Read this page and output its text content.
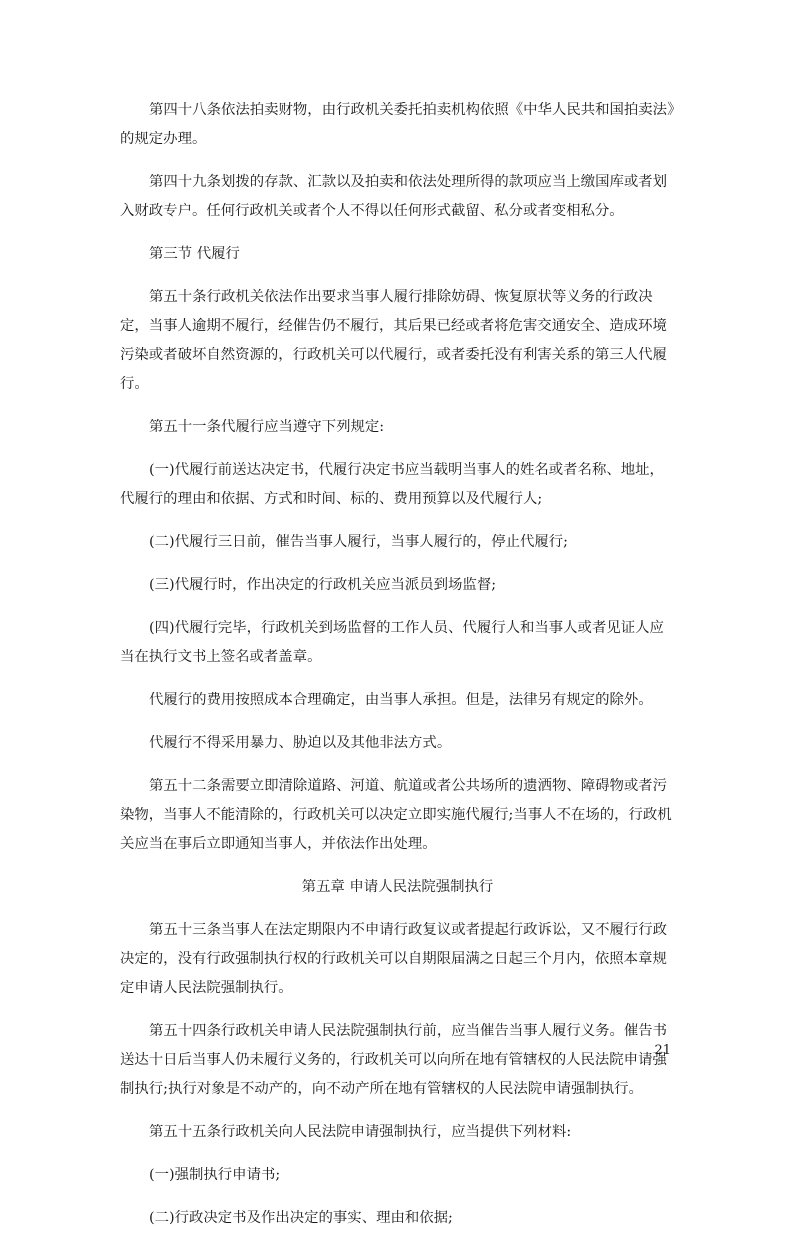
第四十八条依法拍卖财物，由行政机关委托拍卖机构依照《中华人民共和国拍卖法》的规定办理。

第四十九条划拨的存款、汇款以及拍卖和依法处理所得的款项应当上缴国库或者划入财政专户。任何行政机关或者个人不得以任何形式截留、私分或者变相私分。

第三节 代履行

第五十条行政机关依法作出要求当事人履行排除妨碍、恢复原状等义务的行政决定，当事人逾期不履行，经催告仍不履行，其后果已经或者将危害交通安全、造成环境污染或者破坏自然资源的，行政机关可以代履行，或者委托没有利害关系的第三人代履行。

第五十一条代履行应当遵守下列规定:

(一)代履行前送达决定书，代履行决定书应当载明当事人的姓名或者名称、地址，代履行的理由和依据、方式和时间、标的、费用预算以及代履行人;

(二)代履行三日前，催告当事人履行，当事人履行的，停止代履行;

(三)代履行时，作出决定的行政机关应当派员到场监督;

(四)代履行完毕，行政机关到场监督的工作人员、代履行人和当事人或者见证人应当在执行文书上签名或者盖章。

代履行的费用按照成本合理确定，由当事人承担。但是，法律另有规定的除外。

代履行不得采用暴力、胁迫以及其他非法方式。

第五十二条需要立即清除道路、河道、航道或者公共场所的遗洒物、障碍物或者污染物，当事人不能清除的，行政机关可以决定立即实施代履行;当事人不在场的，行政机关应当在事后立即通知当事人，并依法作出处理。

第五章 申请人民法院强制执行

第五十三条当事人在法定期限内不申请行政复议或者提起行政诉讼，又不履行行政决定的，没有行政强制执行权的行政机关可以自期限届满之日起三个月内，依照本章规定申请人民法院强制执行。

第五十四条行政机关申请人民法院强制执行前，应当催告当事人履行义务。催告书送达十日后当事人仍未履行义务的，行政机关可以向所在地有管辖权的人民法院申请强制执行;执行对象是不动产的，向不动产所在地有管辖权的人民法院申请强制执行。

第五十五条行政机关向人民法院申请强制执行，应当提供下列材料:

(一)强制执行申请书;

(二)行政决定书及作出决定的事实、理由和依据;

21
